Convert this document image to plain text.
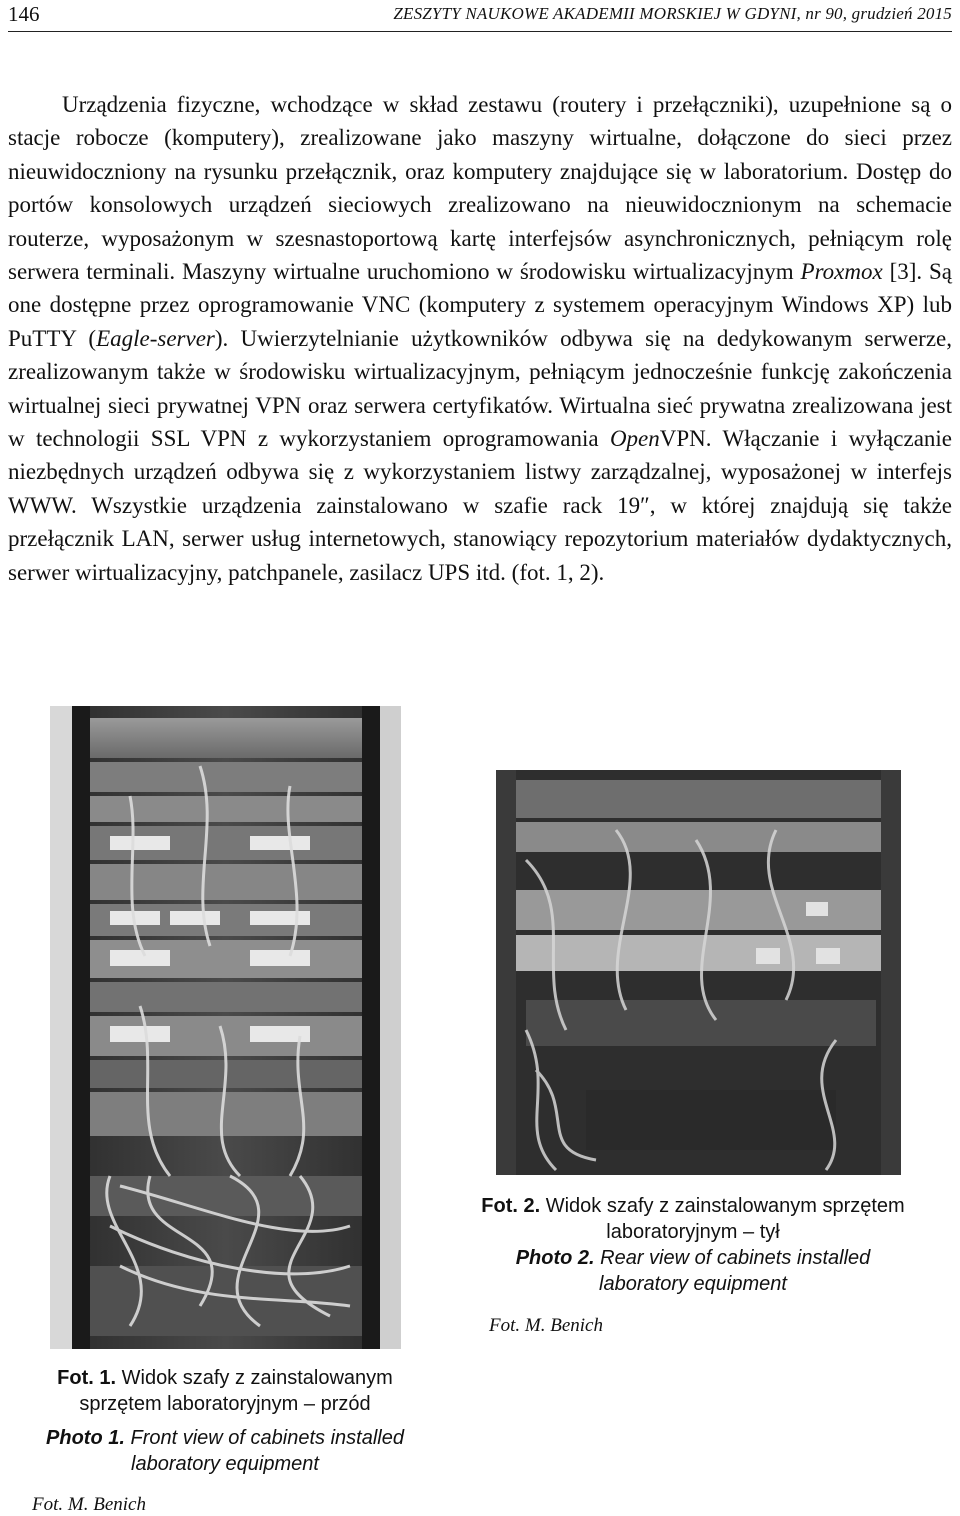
146	ZESZYTY NAUKOWE AKADEMII MORSKIEJ W GDYNI, nr 90, grudzień 2015

Urządzenia fizyczne, wchodzące w skład zestawu (routery i przełączniki), uzupełnione są o stacje robocze (komputery), zrealizowane jako maszyny wirtualne, dołączone do sieci przez nieuwidoczniony na rysunku przełącznik, oraz komputery znajdujące się w laboratorium. Dostęp do portów konsolowych urządzeń sieciowych zrealizowano na nieuwidocznionym na schemacie routerze, wyposażonym w szesnastoportową kartę interfejsów asynchronicznych, pełniącym rolę serwera terminali. Maszyny wirtualne uruchomiono w środowisku wirtualizacyjnym Proxmox [3]. Są one dostępne przez oprogramowanie VNC (komputery z systemem operacyjnym Windows XP) lub PuTTY (Eagle-server). Uwierzytelnianie użytkowników odbywa się na dedykowanym serwerze, zrealizowanym także w środowisku wirtualizacyjnym, pełniącym jednocześnie funkcję zakończenia wirtualnej sieci prywatnej VPN oraz serwera certyfikatów. Wirtualna sieć prywatna zrealizowana jest w technologii SSL VPN z wykorzystaniem oprogramowania OpenVPN. Włączanie i wyłączanie niezbędnych urządzeń odbywa się z wykorzystaniem listwy zarządzalnej, wyposażonej w interfejs WWW. Wszystkie urządzenia zainstalowano w szafie rack 19″, w której znajdują się także przełącznik LAN, serwer usług internetowych, stanowiący repozytorium materiałów dydaktycznych, serwer wirtualizacyjny, patchpanele, zasilacz UPS itd. (fot. 1, 2).

Fot. 2. Widok szafy z zainstalowanym sprzętem laboratoryjnym – tył
Photo 2. Rear view of cabinets installed laboratory equipment
Fot. M. Benich
Fot. 1. Widok szafy z zainstalowanym sprzętem laboratoryjnym – przód
Photo 1. Front view of cabinets installed laboratory equipment
Fot. M. Benich
